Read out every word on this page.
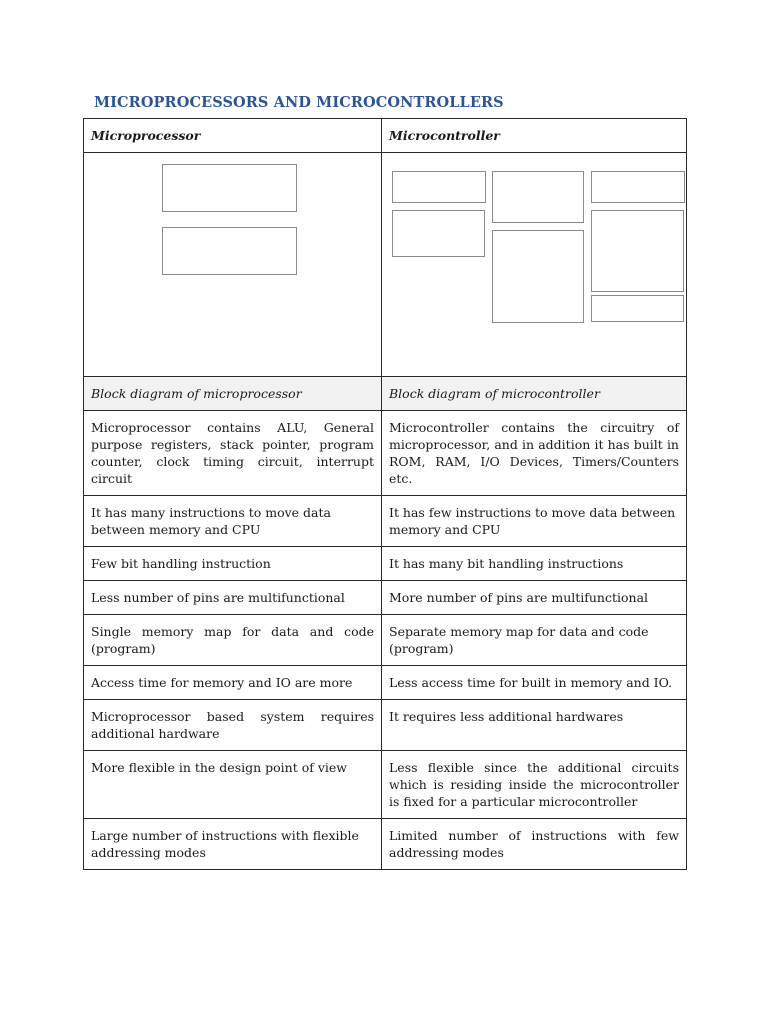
MICROPROCESSORS AND MICROCONTROLLERS
Microprocessor	Microcontroller

Block diagram of microprocessor	Block diagram of microcontroller
Microprocessor contains ALU, General purpose registers, stack pointer, program counter, clock timing circuit, interrupt circuit	Microcontroller contains the circuitry of microprocessor, and in addition it has built in ROM, RAM, I/O Devices, Timers/Counters etc.
It has many instructions to move data between memory and CPU	It has few instructions to move data between memory and CPU
Few bit handling instruction	It has many bit handling instructions
Less number of pins are multifunctional	More number of pins are multifunctional
Single memory map for data and code (program)	Separate memory map for data and code (program)
Access time for memory and IO are more	Less access time for built in memory and IO.
Microprocessor based system requires additional hardware	It requires less additional hardwares
More flexible in the design point of view	Less flexible since the additional circuits which is residing inside the microcontroller is fixed for a particular microcontroller
Large number of instructions with flexible addressing modes	Limited number of instructions with few addressing modes
